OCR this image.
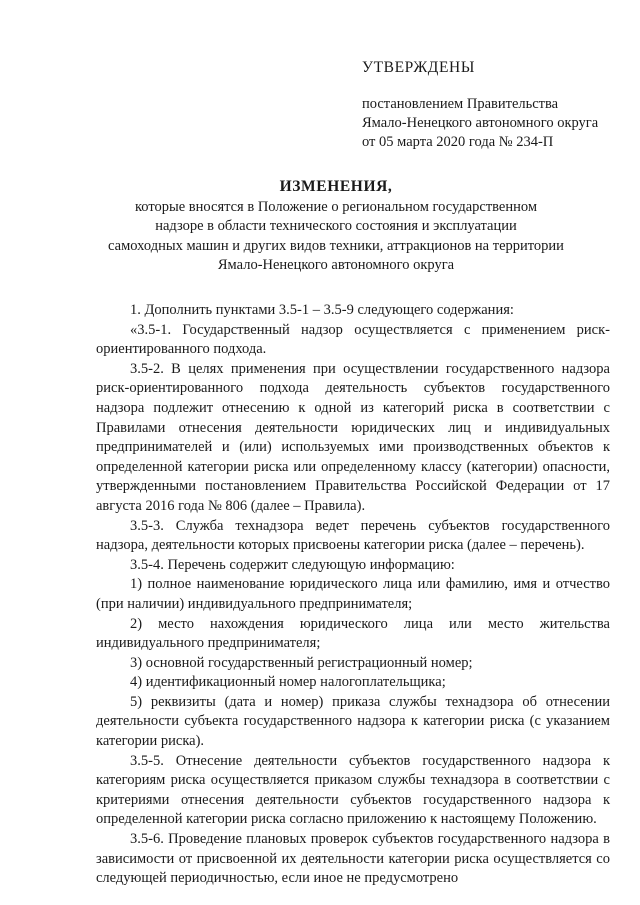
УТВЕРЖДЕНЫ
постановлением Правительства
Ямало-Ненецкого автономного округа
от 05 марта 2020 года № 234-П
ИЗМЕНЕНИЯ,
которые вносятся в Положение о региональном государственном
надзоре в области технического состояния и эксплуатации
самоходных машин и других видов техники, аттракционов на территории
Ямало-Ненецкого автономного округа

1. Дополнить пунктами 3.5-1 – 3.5-9 следующего содержания:

«3.5-1. Государственный надзор осуществляется с применением риск-ориентированного подхода.

3.5-2. В целях применения при осуществлении государственного надзора риск-ориентированного подхода деятельность субъектов государственного надзора подлежит отнесению к одной из категорий риска в соответствии с Правилами отнесения деятельности юридических лиц и индивидуальных предпринимателей и (или) используемых ими производственных объектов к определенной категории риска или определенному классу (категории) опасности, утвержденными постановлением Правительства Российской Федерации от 17 августа 2016 года № 806 (далее – Правила).

3.5-3. Служба технадзора ведет перечень субъектов государственного надзора, деятельности которых присвоены категории риска (далее – перечень).

3.5-4. Перечень содержит следующую информацию:

1) полное наименование юридического лица или фамилию, имя и отчество (при наличии) индивидуального предпринимателя;

2) место нахождения юридического лица или место жительства индивидуального предпринимателя;

3) основной государственный регистрационный номер;

4) идентификационный номер налогоплательщика;

5) реквизиты (дата и номер) приказа службы технадзора об отнесении деятельности субъекта государственного надзора к категории риска (с указанием категории риска).

3.5-5. Отнесение деятельности субъектов государственного надзора к категориям риска осуществляется приказом службы технадзора в соответствии с критериями отнесения деятельности субъектов государственного надзора к определенной категории риска согласно приложению к настоящему Положению.

3.5-6. Проведение плановых проверок субъектов государственного надзора в зависимости от присвоенной их деятельности категории риска осуществляется со следующей периодичностью, если иное не предусмотрено
